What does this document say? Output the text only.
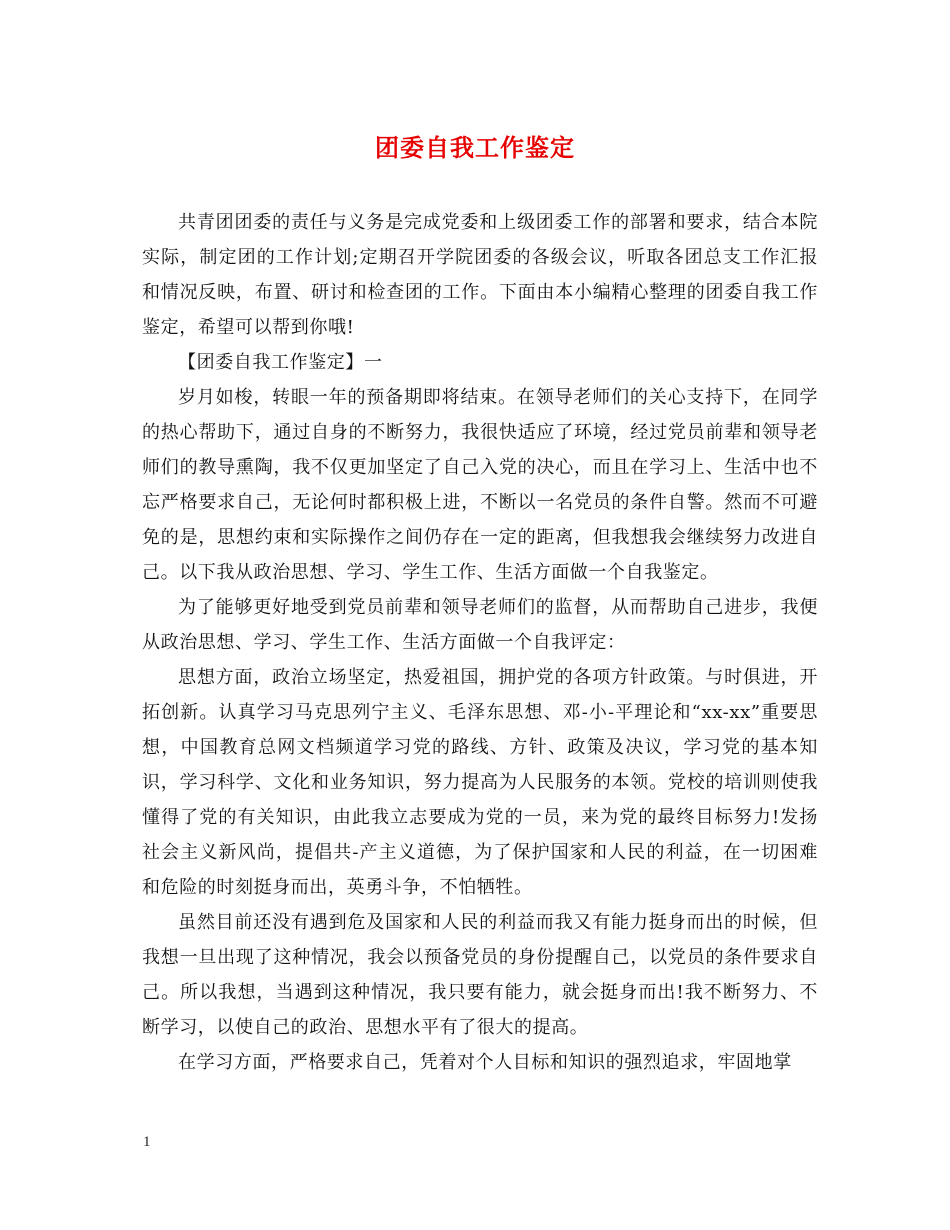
团委自我工作鉴定

共青团团委的责任与义务是完成党委和上级团委工作的部署和要求，结合本院实际，制定团的工作计划;定期召开学院团委的各级会议，听取各团总支工作汇报和情况反映，布置、研讨和检查团的工作。下面由本小编精心整理的团委自我工作鉴定，希望可以帮到你哦!

【团委自我工作鉴定】一

岁月如梭，转眼一年的预备期即将结束。在领导老师们的关心支持下，在同学的热心帮助下，通过自身的不断努力，我很快适应了环境，经过党员前辈和领导老师们的教导熏陶，我不仅更加坚定了自己入党的决心，而且在学习上、生活中也不忘严格要求自己，无论何时都积极上进，不断以一名党员的条件自警。然而不可避免的是，思想约束和实际操作之间仍存在一定的距离，但我想我会继续努力改进自己。以下我从政治思想、学习、学生工作、生活方面做一个自我鉴定。

为了能够更好地受到党员前辈和领导老师们的监督，从而帮助自己进步，我便从政治思想、学习、学生工作、生活方面做一个自我评定：

思想方面，政治立场坚定，热爱祖国，拥护党的各项方针政策。与时俱进，开拓创新。认真学习马克思列宁主义、毛泽东思想、邓-小-平理论和“xx-xx”重要思想，中国教育总网文档频道学习党的路线、方针、政策及决议，学习党的基本知识，学习科学、文化和业务知识，努力提高为人民服务的本领。党校的培训则使我懂得了党的有关知识，由此我立志要成为党的一员，来为党的最终目标努力!发扬社会主义新风尚，提倡共-产主义道德，为了保护国家和人民的利益，在一切困难和危险的时刻挺身而出，英勇斗争，不怕牺牲。

虽然目前还没有遇到危及国家和人民的利益而我又有能力挺身而出的时候，但我想一旦出现了这种情况，我会以预备党员的身份提醒自己，以党员的条件要求自己。所以我想，当遇到这种情况，我只要有能力，就会挺身而出!我不断努力、不断学习，以使自己的政治、思想水平有了很大的提高。

在学习方面，严格要求自己，凭着对个人目标和知识的强烈追求，牢固地掌

1
